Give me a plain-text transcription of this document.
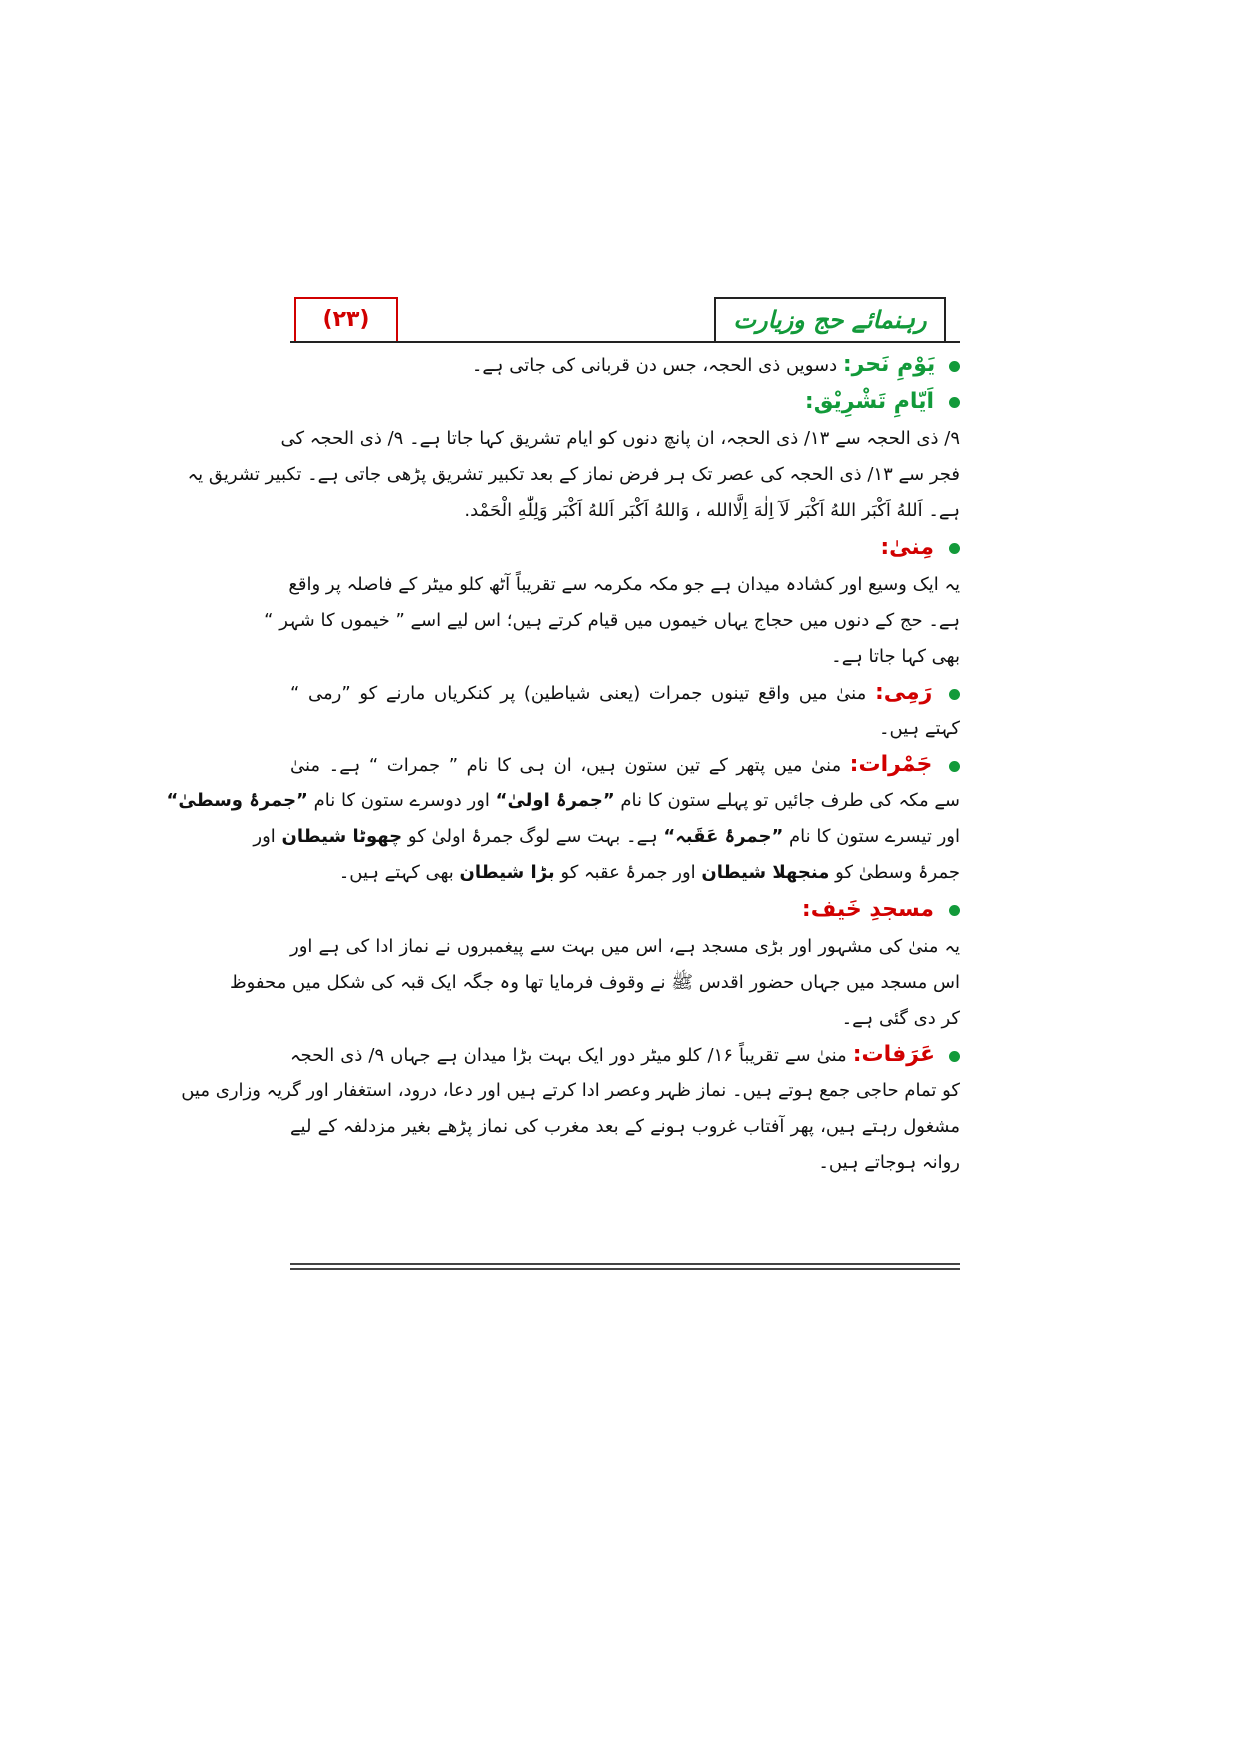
(۲۳)	رہنمائے حج وزیارت
یَوْمِ نَحر: دسویں ذی الحجہ، جس دن قربانی کی جاتی ہے۔
اَیّامِ تَشْرِیْق:
۹/ ذی الحجہ سے ۱۳/ ذی الحجہ، ان پانچ دنوں کو ایام تشریق کہا جاتا ہے۔ ۹/ ذی الحجہ کی
فجر سے ۱۳/ ذی الحجہ کی عصر تک ہر فرض نماز کے بعد تکبیر تشریق پڑھی جاتی ہے۔ تکبیر تشریق یہ
ہے۔ اَللهُ اَکْبَر اللهُ اَکْبَر لَآ اِلٰهَ اِلَّاالله ، وَاللهُ اَکْبَر اَللهُ اَکْبَر وَلِلّٰهِ الْحَمْد.
مِنیٰ:
یہ ایک وسیع اور کشادہ میدان ہے جو مکہ مکرمہ سے تقریباً آٹھ کلو میٹر کے فاصلہ پر واقع
ہے۔ حج کے دنوں میں حجاج یہاں خیموں میں قیام کرتے ہیں؛ اس لیے اسے ” خیموں کا شہر “
بھی کہا جاتا ہے۔
رَمِی: منیٰ میں واقع تینوں جمرات (یعنی شیاطین) پر کنکریاں مارنے کو ”رمی “
کہتے ہیں۔
جَمْرات: منیٰ میں پتھر کے تین ستون ہیں، ان ہی کا نام ” جمرات “ ہے۔ منیٰ
سے مکہ کی طرف جائیں تو پہلے ستون کا نام ”جمرۂ اولیٰ“ اور دوسرے ستون کا نام ”جمرۂ وسطیٰ“
اور تیسرے ستون کا نام ”جمرۂ عَقَبہ“ ہے۔ بہت سے لوگ جمرۂ اولیٰ کو چھوٹا شیطان اور
جمرۂ وسطیٰ کو منجھلا شیطان اور جمرۂ عقبہ کو بڑا شیطان بھی کہتے ہیں۔
مسجدِ خَیف:
یہ منیٰ کی مشہور اور بڑی مسجد ہے، اس میں بہت سے پیغمبروں نے نماز ادا کی ہے اور
اس مسجد میں جہاں حضور اقدس ﷺ نے وقوف فرمایا تھا وہ جگہ ایک قبہ کی شکل میں محفوظ
کر دی گئی ہے۔
عَرَفات: منیٰ سے تقریباً ۱۶/ کلو میٹر دور ایک بہت بڑا میدان ہے جہاں ۹/ ذی الحجہ
کو تمام حاجی جمع ہوتے ہیں۔ نماز ظہر وعصر ادا کرتے ہیں اور دعا، درود، استغفار اور گریہ وزاری میں
مشغول رہتے ہیں، پھر آفتاب غروب ہونے کے بعد مغرب کی نماز پڑھے بغیر مزدلفہ کے لیے
روانہ ہوجاتے ہیں۔
